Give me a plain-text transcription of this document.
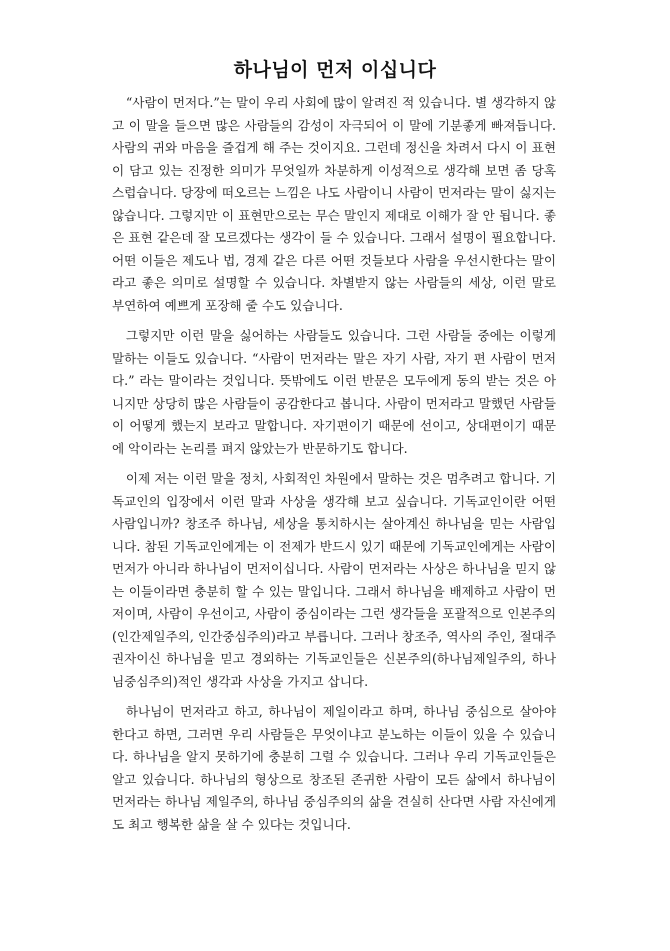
하나님이 먼저 이십니다

“사람이 먼저다.”는 말이 우리 사회에 많이 알려진 적 있습니다. 별 생각하지 않고 이 말을 들으면 많은 사람들의 감성이 자극되어 이 말에 기분좋게 빠져듭니다. 사람의 귀와 마음을 즐겁게 해 주는 것이지요. 그런데 정신을 차려서 다시 이 표현이 담고 있는 진정한 의미가 무엇일까 차분하게 이성적으로 생각해 보면 좀 당혹스럽습니다. 당장에 떠오르는 느낌은 나도 사람이니 사람이 먼저라는 말이 싫지는 않습니다. 그렇지만 이 표현만으로는 무슨 말인지 제대로 이해가 잘 안 됩니다. 좋은 표현 같은데 잘 모르겠다는 생각이 들 수 있습니다. 그래서 설명이 필요합니다. 어떤 이들은 제도나 법, 경제 같은 다른 어떤 것들보다 사람을 우선시한다는 말이라고 좋은 의미로 설명할 수 있습니다. 차별받지 않는 사람들의 세상, 이런 말로 부연하여 예쁘게 포장해 줄 수도 있습니다.

그렇지만 이런 말을 싫어하는 사람들도 있습니다. 그런 사람들 중에는 이렇게 말하는 이들도 있습니다. “사람이 먼저라는 말은 자기 사람, 자기 편 사람이 먼저다.” 라는 말이라는 것입니다. 뜻밖에도 이런 반문은 모두에게 동의 받는 것은 아니지만 상당히 많은 사람들이 공감한다고 봅니다. 사람이 먼저라고 말했던 사람들이 어떻게 했는지 보라고 말합니다. 자기편이기 때문에 선이고, 상대편이기 때문에 악이라는 논리를 펴지 않았는가 반문하기도 합니다.

이제 저는 이런 말을 정치, 사회적인 차원에서 말하는 것은 멈추려고 합니다. 기독교인의 입장에서 이런 말과 사상을 생각해 보고 싶습니다. 기독교인이란 어떤 사람입니까? 창조주 하나님, 세상을 통치하시는 살아계신 하나님을 믿는 사람입니다. 참된 기독교인에게는 이 전제가 반드시 있기 때문에 기독교인에게는 사람이 먼저가 아니라 하나님이 먼저이십니다. 사람이 먼저라는 사상은 하나님을 믿지 않는 이들이라면 충분히 할 수 있는 말입니다. 그래서 하나님을 배제하고 사람이 먼저이며, 사람이 우선이고, 사람이 중심이라는 그런 생각들을 포괄적으로 인본주의(인간제일주의, 인간중심주의)라고 부릅니다. 그러나 창조주, 역사의 주인, 절대주권자이신 하나님을 믿고 경외하는 기독교인들은 신본주의(하나님제일주의, 하나님중심주의)적인 생각과 사상을 가지고 삽니다.

하나님이 먼저라고 하고, 하나님이 제일이라고 하며, 하나님 중심으로 살아야 한다고 하면, 그러면 우리 사람들은 무엇이냐고 분노하는 이들이 있을 수 있습니다. 하나님을 알지 못하기에 충분히 그럴 수 있습니다. 그러나 우리 기독교인들은 알고 있습니다. 하나님의 형상으로 창조된 존귀한 사람이 모든 삶에서 하나님이 먼저라는 하나님 제일주의, 하나님 중심주의의 삶을 견실히 산다면 사람 자신에게도 최고 행복한 삶을 살 수 있다는 것입니다.
